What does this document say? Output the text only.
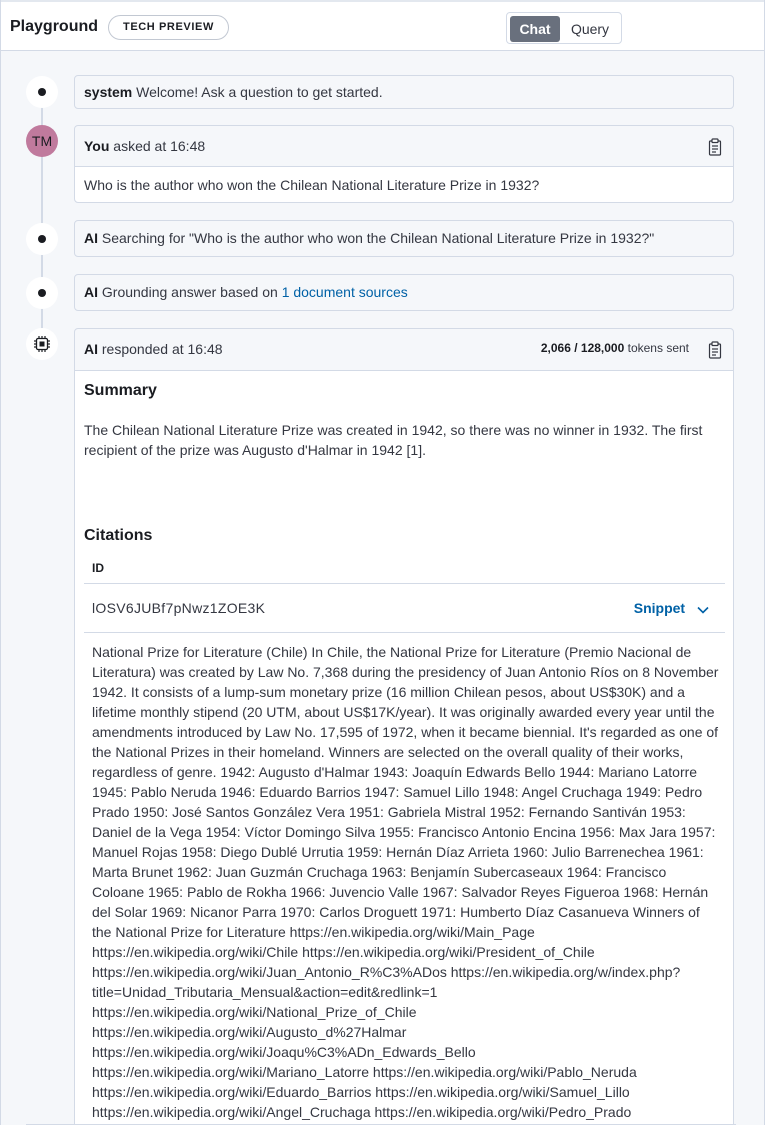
Playground	TECH PREVIEW	Chat	Query
TM
system Welcome! Ask a question to get started.
You asked at 16:48
Who is the author who won the Chilean National Literature Prize in 1932?
AI Searching for "Who is the author who won the Chilean National Literature Prize in 1932?"
AI Grounding answer based on 1 document sources
AI responded at 16:48	2,066 / 128,000 tokens sent
Summary
The Chilean National Literature Prize was created in 1942, so there was no winner in 1932. The first recipient of the prize was Augusto d'Halmar in 1942 [1].
Citations
ID
lOSV6JUBf7pNwz1ZOE3K	Snippet
National Prize for Literature (Chile) In Chile, the National Prize for Literature (Premio Nacional de Literatura) was created by Law No. 7,368 during the presidency of Juan Antonio Ríos on 8 November 1942. It consists of a lump-sum monetary prize (16 million Chilean pesos, about US$30K) and a lifetime monthly stipend (20 UTM, about US$17K/year). It was originally awarded every year until the amendments introduced by Law No. 17,595 of 1972, when it became biennial. It's regarded as one of the National Prizes in their homeland. Winners are selected on the overall quality of their works, regardless of genre. 1942: Augusto d'Halmar 1943: Joaquín Edwards Bello 1944: Mariano Latorre 1945: Pablo Neruda 1946: Eduardo Barrios 1947: Samuel Lillo 1948: Angel Cruchaga 1949: Pedro Prado 1950: José Santos González Vera 1951: Gabriela Mistral 1952: Fernando Santiván 1953: Daniel de la Vega 1954: Víctor Domingo Silva 1955: Francisco Antonio Encina 1956: Max Jara 1957: Manuel Rojas 1958: Diego Dublé Urrutia 1959: Hernán Díaz Arrieta 1960: Julio Barrenechea 1961: Marta Brunet 1962: Juan Guzmán Cruchaga 1963: Benjamín Subercaseaux 1964: Francisco Coloane 1965: Pablo de Rokha 1966: Juvencio Valle 1967: Salvador Reyes Figueroa 1968: Hernán del Solar 1969: Nicanor Parra 1970: Carlos Droguett 1971: Humberto Díaz Casanueva Winners of the National Prize for Literature https://en.wikipedia.org/wiki/Main_Page https://en.wikipedia.org/wiki/Chile https://en.wikipedia.org/wiki/President_of_Chile https://en.wikipedia.org/wiki/Juan_Antonio_R%C3%ADos https://en.wikipedia.org/w/index.php?title=Unidad_Tributaria_Mensual&action=edit&redlink=1 https://en.wikipedia.org/wiki/National_Prize_of_Chile https://en.wikipedia.org/wiki/Augusto_d%27Halmar https://en.wikipedia.org/wiki/Joaqu%C3%ADn_Edwards_Bello https://en.wikipedia.org/wiki/Mariano_Latorre https://en.wikipedia.org/wiki/Pablo_Neruda https://en.wikipedia.org/wiki/Eduardo_Barrios https://en.wikipedia.org/wiki/Samuel_Lillo https://en.wikipedia.org/wiki/Angel_Cruchaga https://en.wikipedia.org/wiki/Pedro_Prado
